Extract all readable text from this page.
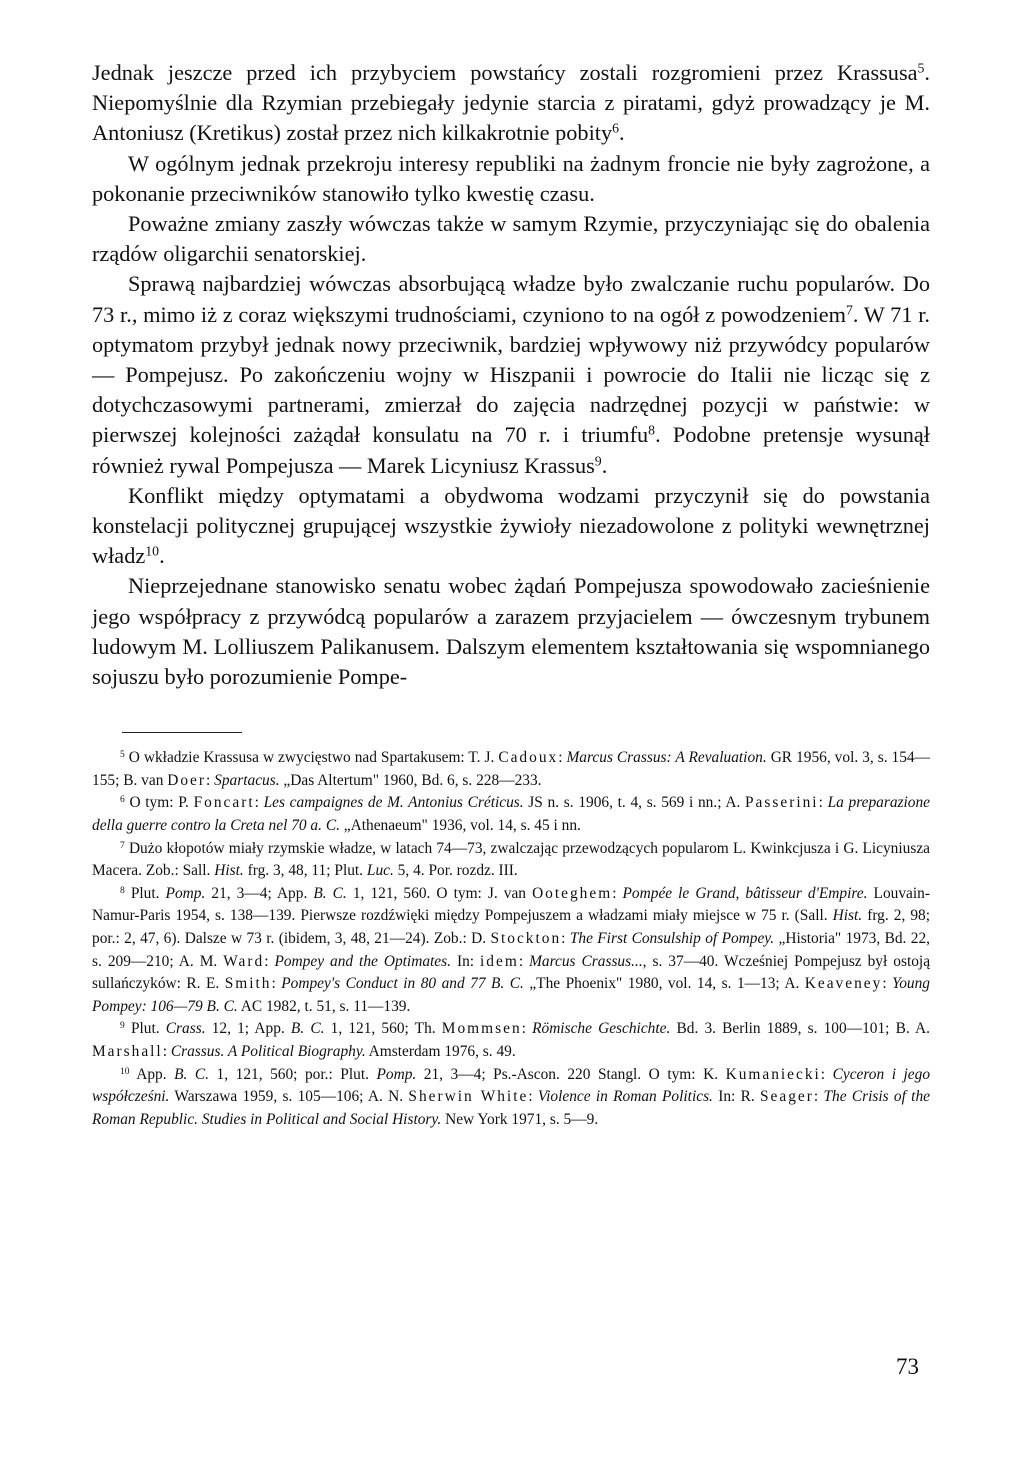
Jednak jeszcze przed ich przybyciem powstańcy zostali rozgromieni przez Krassusa$^5$. Niepomyślnie dla Rzymian przebiegały jedynie starcia z piratami, gdyż prowadzący je M. Antoniusz (Kretikus) został przez nich kilkakrotnie pobity$^6$.

W ogólnym jednak przekroju interesy republiki na żadnym froncie nie były zagrożone, a pokonanie przeciwników stanowiło tylko kwestię czasu.

Poważne zmiany zaszły wówczas także w samym Rzymie, przyczyniając się do obalenia rządów oligarchii senatorskiej.

Sprawą najbardziej wówczas absorbującą władze było zwalczanie ruchu popularów. Do 73 r., mimo iż z coraz większymi trudnościami, czyniono to na ogół z powodzeniem$^7$. W 71 r. optymatom przybył jednak nowy przeciwnik, bardziej wpływowy niż przywódcy popularów — Pompejusz. Po zakończeniu wojny w Hiszpanii i powrocie do Italii nie licząc się z dotychczasowymi partnerami, zmierzał do zajęcia nadrzędnej pozycji w państwie: w pierwszej kolejności zażądał konsulatu na 70 r. i triumfu$^8$. Podobne pretensje wysunął również rywal Pompejusza — Marek Licyniusz Krassus$^9$.

Konflikt między optymatami a obydwoma wodzami przyczynił się do powstania konstelacji politycznej grupującej wszystkie żywioły niezadowolone z polityki wewnętrznej władz$^{10}$.

Nieprzejednane stanowisko senatu wobec żądań Pompejusza spowodowało zacieśnienie jego współpracy z przywódcą popularów a zarazem przyjacielem — ówczesnym trybunem ludowym M. Lolliuszem Palikanusem. Dalszym elementem kształtowania się wspomnianego sojuszu było porozumienie Pompe-

$^5$ O wkładzie Krassusa w zwycięstwo nad Spartakusem: T. J. Cadoux: Marcus Crassus: A Revaluation. GR 1956, vol. 3, s. 154—155; B. van Doer: Spartacus. „Das Altertum" 1960, Bd. 6, s. 228—233.

$^6$ O tym: P. Foncart: Les campaignes de M. Antonius Créticus. JS n. s. 1906, t. 4, s. 569 i nn.; A. Passerini: La preparazione della guerre contro la Creta nel 70 a. C. „Athenaeum" 1936, vol. 14, s. 45 i nn.

$^7$ Dużo kłopotów miały rzymskie władze, w latach 74—73, zwalczając przewodzących popularom L. Kwinkcjusza i G. Licyniusza Macera. Zob.: Sall. Hist. frg. 3, 48, 11; Plut. Luc. 5, 4. Por. rozdz. III.

$^8$ Plut. Pomp. 21, 3—4; App. B. C. 1, 121, 560. O tym: J. van Ooteghem: Pompée le Grand, bâtisseur d'Empire. Louvain-Namur-Paris 1954, s. 138—139. Pierwsze rozdźwięki między Pompejuszem a władzami miały miejsce w 75 r. (Sall. Hist. frg. 2, 98; por.: 2, 47, 6). Dalsze w 73 r. (ibidem, 3, 48, 21—24). Zob.: D. Stockton: The First Consulship of Pompey. „Historia" 1973, Bd. 22, s. 209—210; A. M. Ward: Pompey and the Optimates. In: idem: Marcus Crassus..., s. 37—40. Wcześniej Pompejusz był ostoją sullańczyków: R. E. Smith: Pompey's Conduct in 80 and 77 B. C. „The Phoenix" 1980, vol. 14, s. 1—13; A. Keaveney: Young Pompey: 106—79 B. C. AC 1982, t. 51, s. 11—139.

$^9$ Plut. Crass. 12, 1; App. B. C. 1, 121, 560; Th. Mommsen: Römische Geschichte. Bd. 3. Berlin 1889, s. 100—101; B. A. Marshall: Crassus. A Political Biography. Amsterdam 1976, s. 49.

$^{10}$ App. B. C. 1, 121, 560; por.: Plut. Pomp. 21, 3—4; Ps.-Ascon. 220 Stangl. O tym: K. Kumaniecki: Cyceron i jego współcześni. Warszawa 1959, s. 105—106; A. N. Sherwin White: Violence in Roman Politics. In: R. Seager: The Crisis of the Roman Republic. Studies in Political and Social History. New York 1971, s. 5—9.

73
